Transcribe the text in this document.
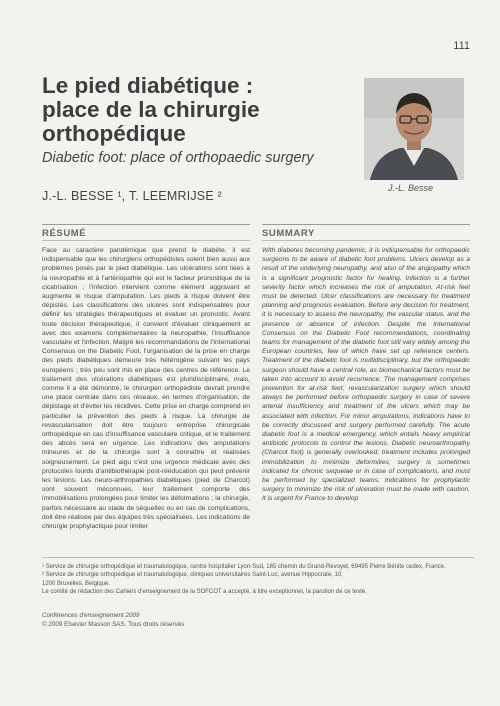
111
Le pied diabétique :
place de la chirurgie
orthopédique
Diabetic foot: place of orthopaedic surgery
J.-L. BESSE ¹, T. LEEMRIJSE ²
J.-L. Besse
RÉSUMÉ
Face au caractère pandémique que prend le diabète, il est indispensable que les chirurgiens orthopédistes soient bien aussi aux problèmes posés par le pied diabétique. Les ulcérations sont liées à la neuropathie et à l'artériopathie qui est le facteur pronostique de la cicatrisation ; l'infection intervient comme élément aggravant et augmente le risque d'amputation. Les pieds à risque doivent être dépistés. Les classifications des ulcères sont indispensables pour définir les stratégies thérapeutiques et évaluer un pronostic. Avant toute décision thérapeutique, il convient d'évaluer cliniquement et avec des examens complémentaires la neuropathie, l'insuffisance vasculaire et l'infection. Malgré les recommandations de l'International Consensus on the Diabetic Foot, l'organisation de la prise en charge des pieds diabétiques demeure très hétérogène suivant les pays européens ; très peu sont mis en place des centres de référence. Le traitement des ulcérations diabétiques est pluridisciplinaire, mais, comme il a été démontré, le chirurgien orthopédiste devrait prendre une place centrale dans ces réseaux, en termes d'organisation, de dépistage et d'éviter les récidives. Cette prise en charge comprend en particulier la prévention des pieds à risque. La chirurgie de revascularisation doit être toujours entreprise chirurgicale orthopédique en cas d'insuffisance vasculaire critique, et le traitement des abcès sera en urgence. Les indications des amputations mineures et de la chirurgie sont à connaître et réalisées soigneusement. Le pied aigu c'est une urgence médicale avec des protocoles lourds d'antibiothérapie post-rééducation qui peut prévenir les lésions. Les neuro-arthropathies diabétiques (pied de Charcot) sont souvent méconnues, leur traitement comporte des immobilisations prolongées pour limiter les déformations ; la chirurgie, parfois nécessaire au stade de séquelles ou en cas de complications, doit être réalisée par des équipes très spécialisées. Les indications de chirurgie prophylactique pour limiter
SUMMARY
With diabetes becoming pandemic, it is indispensable for orthopaedic surgeons to be aware of diabetic foot problems. Ulcers develop as a result of the underlying neuropathy, and also of the angiopathy which is a significant prognostic factor for healing. Infection is a further severity factor which increases the risk of amputation. At-risk feet must be detected. Ulcer classifications are necessary for treatment planning and prognosis evaluation. Before any decision for treatment, it is necessary to assess the neuropathy, the vascular status, and the presence or absence of infection. Despite the International Consensus on the Diabetic Foot recommendations, coordinating teams for management of the diabetic foot still vary widely among the European countries, few of which have set up reference centers. Treatment of the diabetic foot is multidisciplinary, but the orthopaedic surgeon should have a central role, as biomechanical factors must be taken into account to avoid recurrence. The management comprises prevention for at-risk feet; revascularization surgery which should always be performed before orthopaedic surgery in case of severe arterial insufficiency and treatment of the ulcers which may be associated with infection. For minor amputations, indications have to be correctly discussed and surgery performed carefully. The acute diabetic foot is a medical emergency, which entails heavy empirical antibiotic protocols to control the lesions. Diabetic neuroarthropathy (Charcot foot) is generally overlooked; treatment includes prolonged immobilization to minimize deformities; surgery is sometimes indicated for chronic sequelae or in case of complications, and must be performed by specialized teams. Indications for prophylactic surgery to minimize the risk of ulceration must be made with caution. It is urgent for France to develop
¹ Service de chirurgie orthopédique et traumatologique, centre hospitalier Lyon-Sud, 165 chemin du Grand-Revoyet, 69495 Pierre Bénite cedex, France.
² Service de chirurgie orthopédique et traumatologique, cliniques universitaires Saint-Luc, avenue Hippocrate, 10,
1200 Bruxelles, Belgique.
Le comité de rédaction des Cahiers d'enseignement de la SOFCOT a accepté, à titre exceptionnel, la parution de ce texte.
Conférences d'enseignement 2009
© 2009 Elsevier Masson SAS. Tous droits réservés
